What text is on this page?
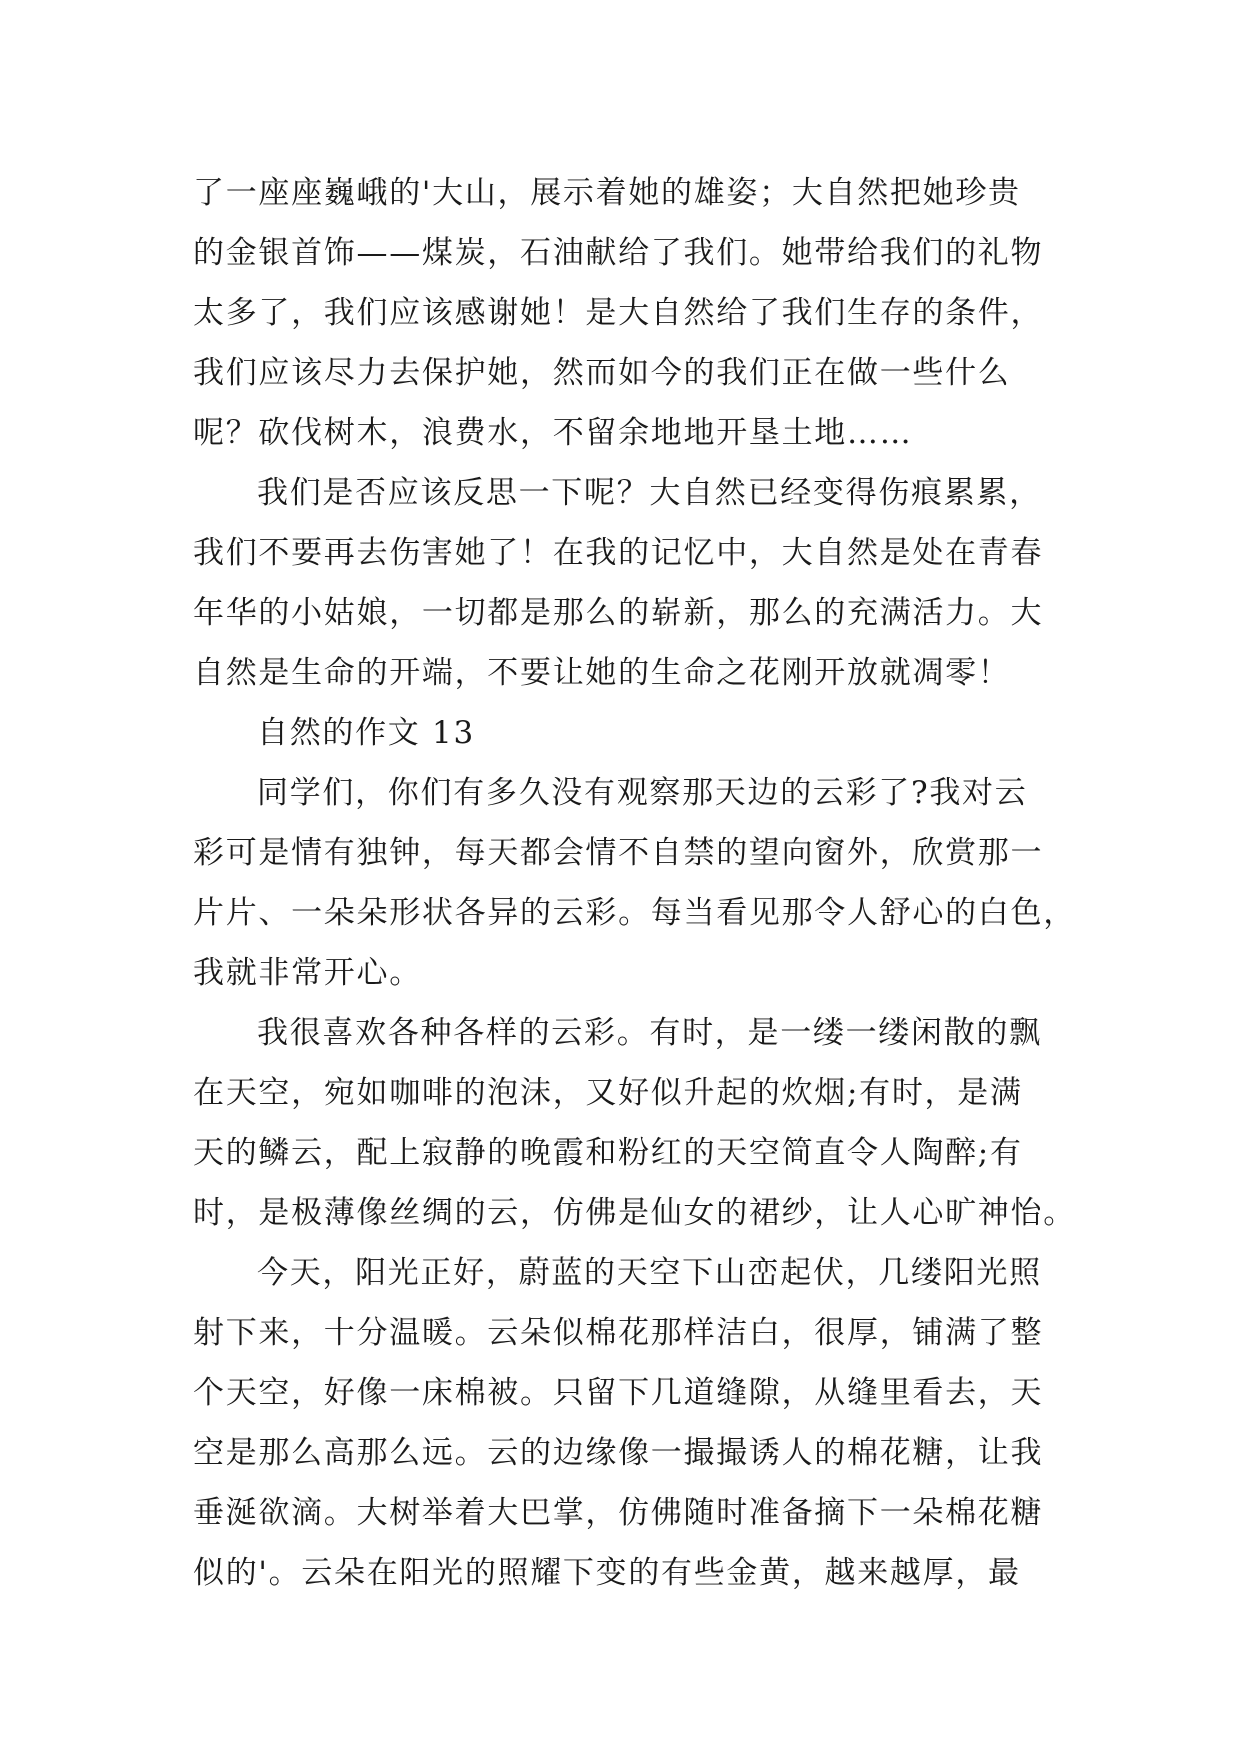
了一座座巍峨的'大山，展示着她的雄姿；大自然把她珍贵
的金银首饰——煤炭，石油献给了我们。她带给我们的礼物
太多了，我们应该感谢她！是大自然给了我们生存的条件，
我们应该尽力去保护她，然而如今的我们正在做一些什么
呢？砍伐树木，浪费水，不留余地地开垦土地……
我们是否应该反思一下呢？大自然已经变得伤痕累累，
我们不要再去伤害她了！在我的记忆中，大自然是处在青春
年华的小姑娘，一切都是那么的崭新，那么的充满活力。大
自然是生命的开端，不要让她的生命之花刚开放就凋零！
自然的作文 13
同学们，你们有多久没有观察那天边的云彩了?我对云
彩可是情有独钟，每天都会情不自禁的望向窗外，欣赏那一
片片、一朵朵形状各异的云彩。每当看见那令人舒心的白色，
我就非常开心。
我很喜欢各种各样的云彩。有时，是一缕一缕闲散的飘
在天空，宛如咖啡的泡沫，又好似升起的炊烟;有时，是满
天的鳞云，配上寂静的晚霞和粉红的天空简直令人陶醉;有
时，是极薄像丝绸的云，仿佛是仙女的裙纱，让人心旷神怡。
今天，阳光正好，蔚蓝的天空下山峦起伏，几缕阳光照
射下来，十分温暖。云朵似棉花那样洁白，很厚，铺满了整
个天空，好像一床棉被。只留下几道缝隙，从缝里看去，天
空是那么高那么远。云的边缘像一撮撮诱人的棉花糖，让我
垂涎欲滴。大树举着大巴掌，仿佛随时准备摘下一朵棉花糖
似的'。云朵在阳光的照耀下变的有些金黄，越来越厚，最
